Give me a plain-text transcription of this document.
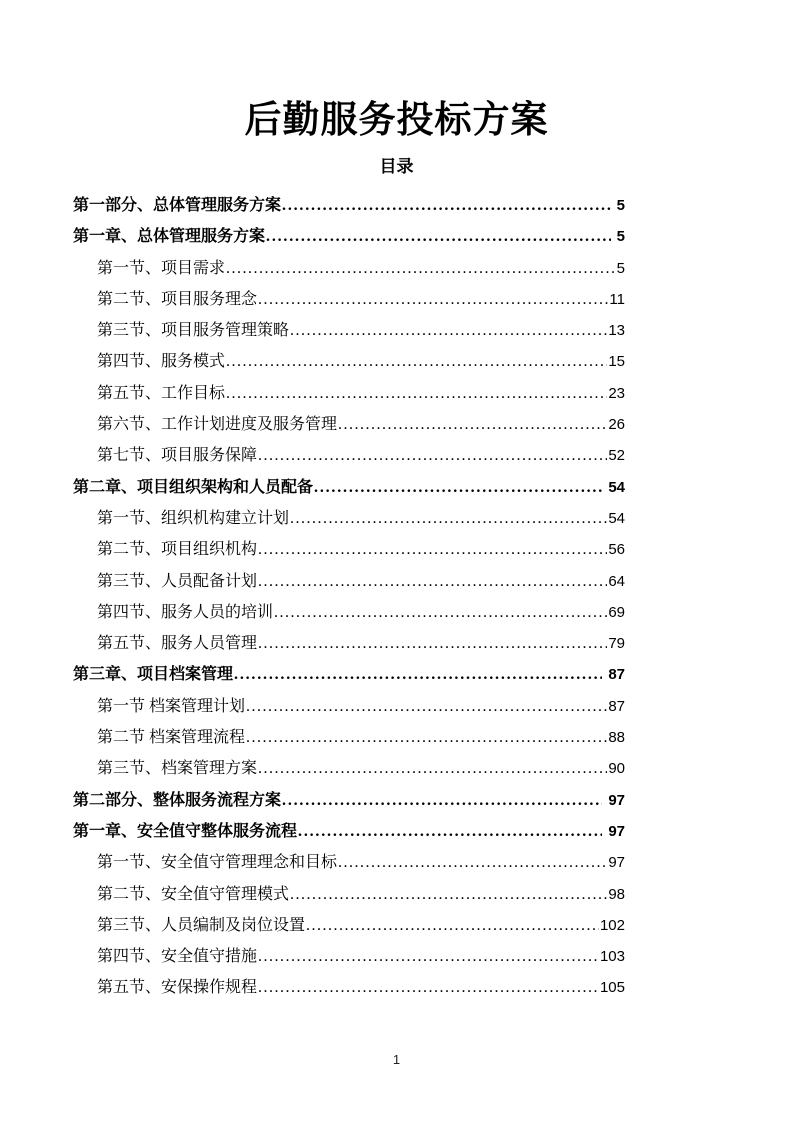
后勤服务投标方案
目录
第一部分、总体管理服务方案 .....	5
第一章、总体管理服务方案 .....	5
第一节、项目需求 .....	5
第二节、项目服务理念 .....	11
第三节、项目服务管理策略 .....	13
第四节、服务模式 .....	15
第五节、工作目标 .....	23
第六节、工作计划进度及服务管理 .....	26
第七节、项目服务保障 .....	52
第二章、项目组织架构和人员配备 .....	54
第一节、组织机构建立计划 .....	54
第二节、项目组织机构 .....	56
第三节、人员配备计划 .....	64
第四节、服务人员的培训 .....	69
第五节、服务人员管理 .....	79
第三章、项目档案管理 .....	87
第一节 档案管理计划 .....	87
第二节 档案管理流程 .....	88
第三节、档案管理方案 .....	90
第二部分、整体服务流程方案 .....	97
第一章、安全值守整体服务流程 .....	97
第一节、安全值守管理理念和目标 .....	97
第二节、安全值守管理模式 .....	98
第三节、人员编制及岗位设置 .....	102
第四节、安全值守措施 .....	103
第五节、安保操作规程 .....	105
1
